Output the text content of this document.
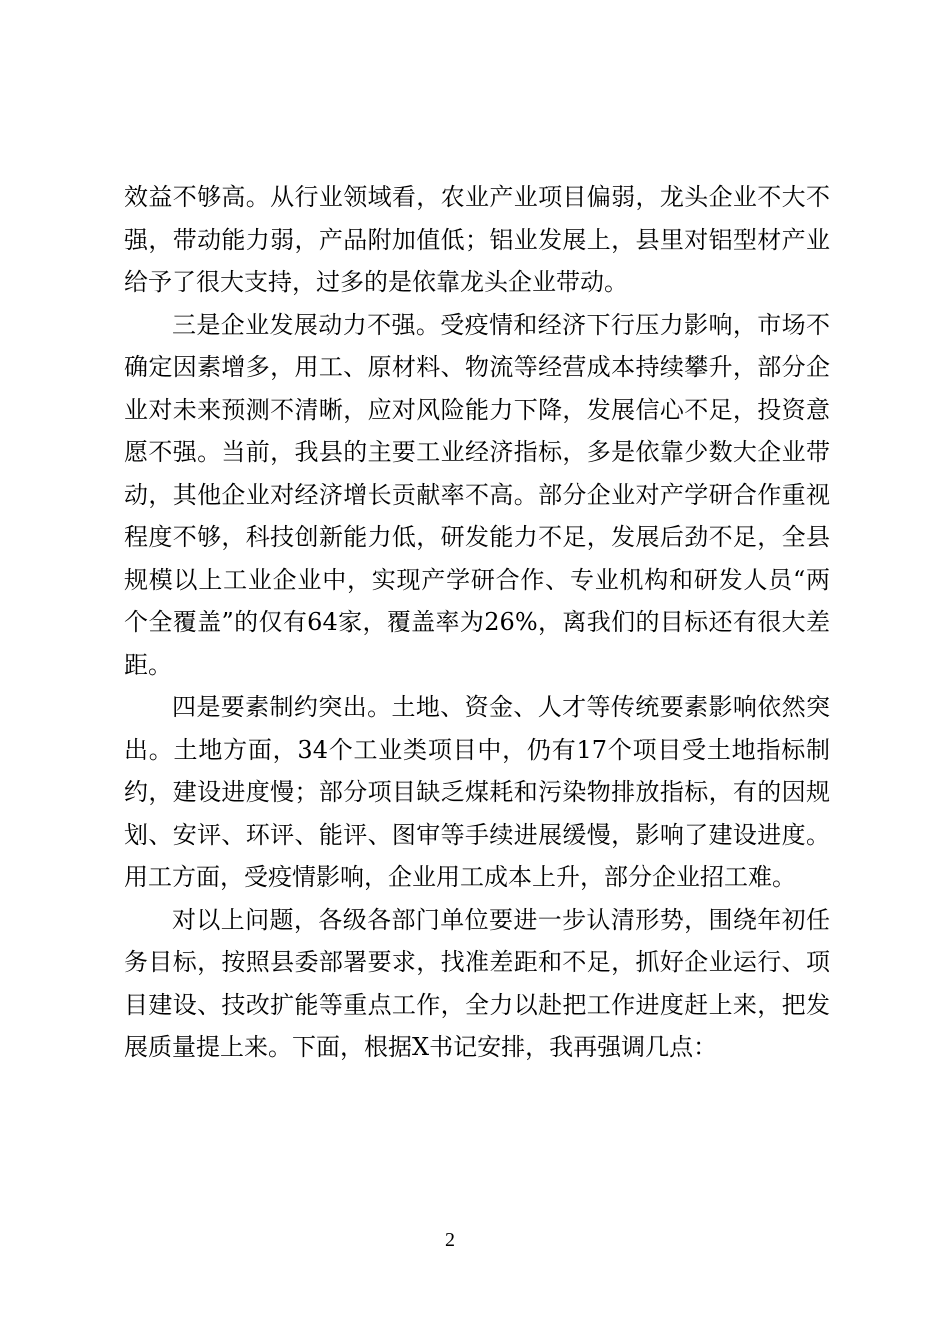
效益不够高。从行业领域看，农业产业项目偏弱，龙头企业不大不强，带动能力弱，产品附加值低；铝业发展上，县里对铝型材产业给予了很大支持，过多的是依靠龙头企业带动。

三是企业发展动力不强。受疫情和经济下行压力影响，市场不确定因素增多，用工、原材料、物流等经营成本持续攀升，部分企业对未来预测不清晰，应对风险能力下降，发展信心不足，投资意愿不强。当前，我县的主要工业经济指标，多是依靠少数大企业带动，其他企业对经济增长贡献率不高。部分企业对产学研合作重视程度不够，科技创新能力低，研发能力不足，发展后劲不足，全县规模以上工业企业中，实现产学研合作、专业机构和研发人员“两个全覆盖”的仅有64家，覆盖率为26%，离我们的目标还有很大差距。

四是要素制约突出。土地、资金、人才等传统要素影响依然突出。土地方面，34个工业类项目中，仍有17个项目受土地指标制约，建设进度慢；部分项目缺乏煤耗和污染物排放指标，有的因规划、安评、环评、能评、图审等手续进展缓慢，影响了建设进度。用工方面，受疫情影响，企业用工成本上升，部分企业招工难。

对以上问题，各级各部门单位要进一步认清形势，围绕年初任务目标，按照县委部署要求，找准差距和不足，抓好企业运行、项目建设、技改扩能等重点工作，全力以赴把工作进度赶上来，把发展质量提上来。下面，根据X书记安排，我再强调几点：

2
